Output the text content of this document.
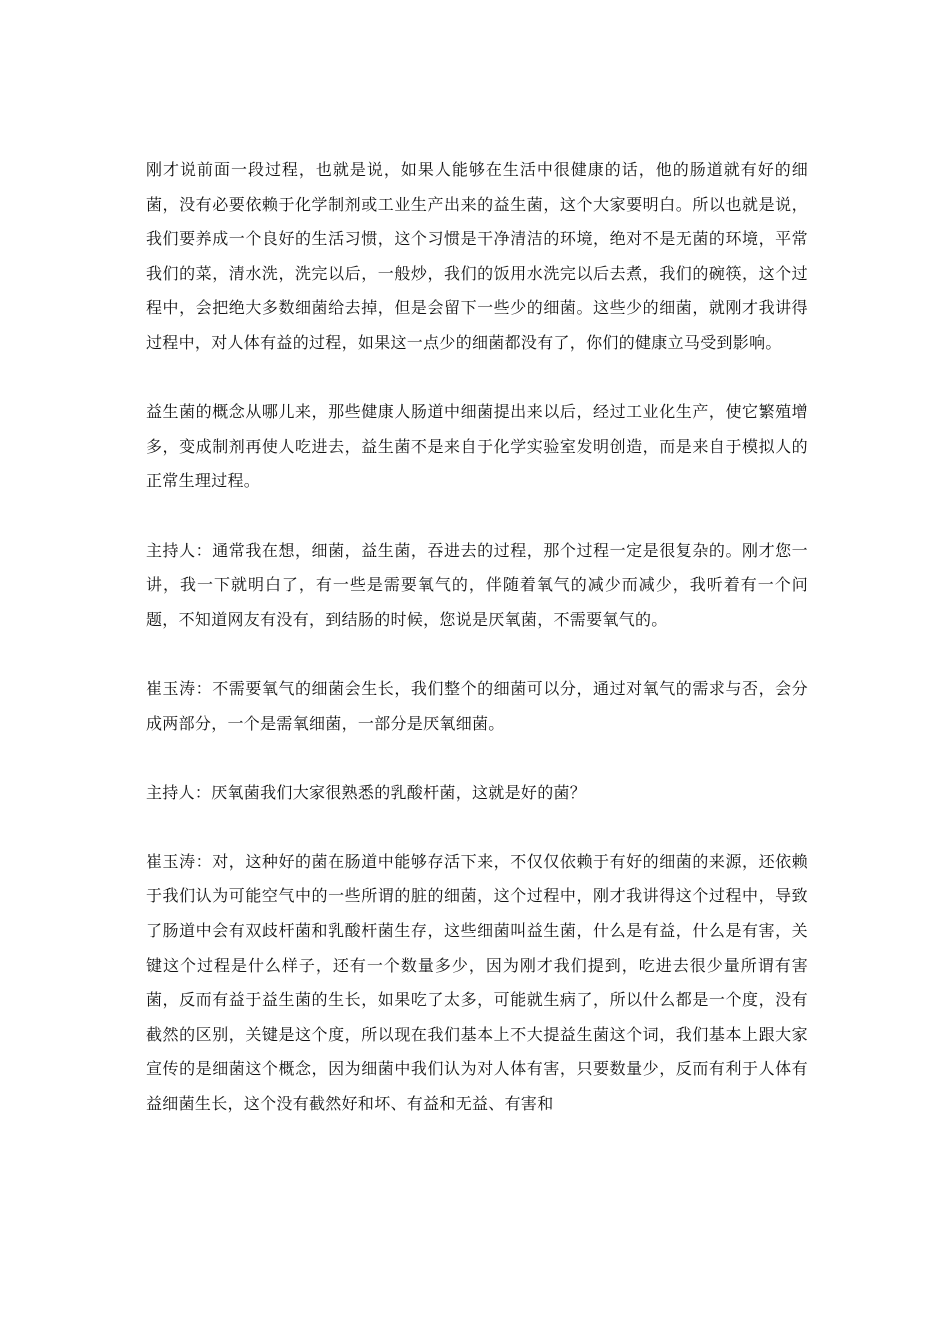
刚才说前面一段过程，也就是说，如果人能够在生活中很健康的话，他的肠道就有好的细菌，没有必要依赖于化学制剂或工业生产出来的益生菌，这个大家要明白。所以也就是说，我们要养成一个良好的生活习惯，这个习惯是干净清洁的环境，绝对不是无菌的环境，平常我们的菜，清水洗，洗完以后，一般炒，我们的饭用水洗完以后去煮，我们的碗筷，这个过程中，会把绝大多数细菌给去掉，但是会留下一些少的细菌。这些少的细菌，就刚才我讲得过程中，对人体有益的过程，如果这一点少的细菌都没有了，你们的健康立马受到影响。

益生菌的概念从哪儿来，那些健康人肠道中细菌提出来以后，经过工业化生产，使它繁殖增多，变成制剂再使人吃进去，益生菌不是来自于化学实验室发明创造，而是来自于模拟人的正常生理过程。

主持人：通常我在想，细菌，益生菌，吞进去的过程，那个过程一定是很复杂的。刚才您一讲，我一下就明白了，有一些是需要氧气的，伴随着氧气的减少而减少，我听着有一个问题，不知道网友有没有，到结肠的时候，您说是厌氧菌，不需要氧气的。

崔玉涛：不需要氧气的细菌会生长，我们整个的细菌可以分，通过对氧气的需求与否，会分成两部分，一个是需氧细菌，一部分是厌氧细菌。

主持人：厌氧菌我们大家很熟悉的乳酸杆菌，这就是好的菌？

崔玉涛：对，这种好的菌在肠道中能够存活下来，不仅仅依赖于有好的细菌的来源，还依赖于我们认为可能空气中的一些所谓的脏的细菌，这个过程中，刚才我讲得这个过程中，导致了肠道中会有双歧杆菌和乳酸杆菌生存，这些细菌叫益生菌，什么是有益，什么是有害，关键这个过程是什么样子，还有一个数量多少，因为刚才我们提到，吃进去很少量所谓有害菌，反而有益于益生菌的生长，如果吃了太多，可能就生病了，所以什么都是一个度，没有截然的区别，关键是这个度，所以现在我们基本上不大提益生菌这个词，我们基本上跟大家宣传的是细菌这个概念，因为细菌中我们认为对人体有害，只要数量少，反而有利于人体有益细菌生长，这个没有截然好和坏、有益和无益、有害和
